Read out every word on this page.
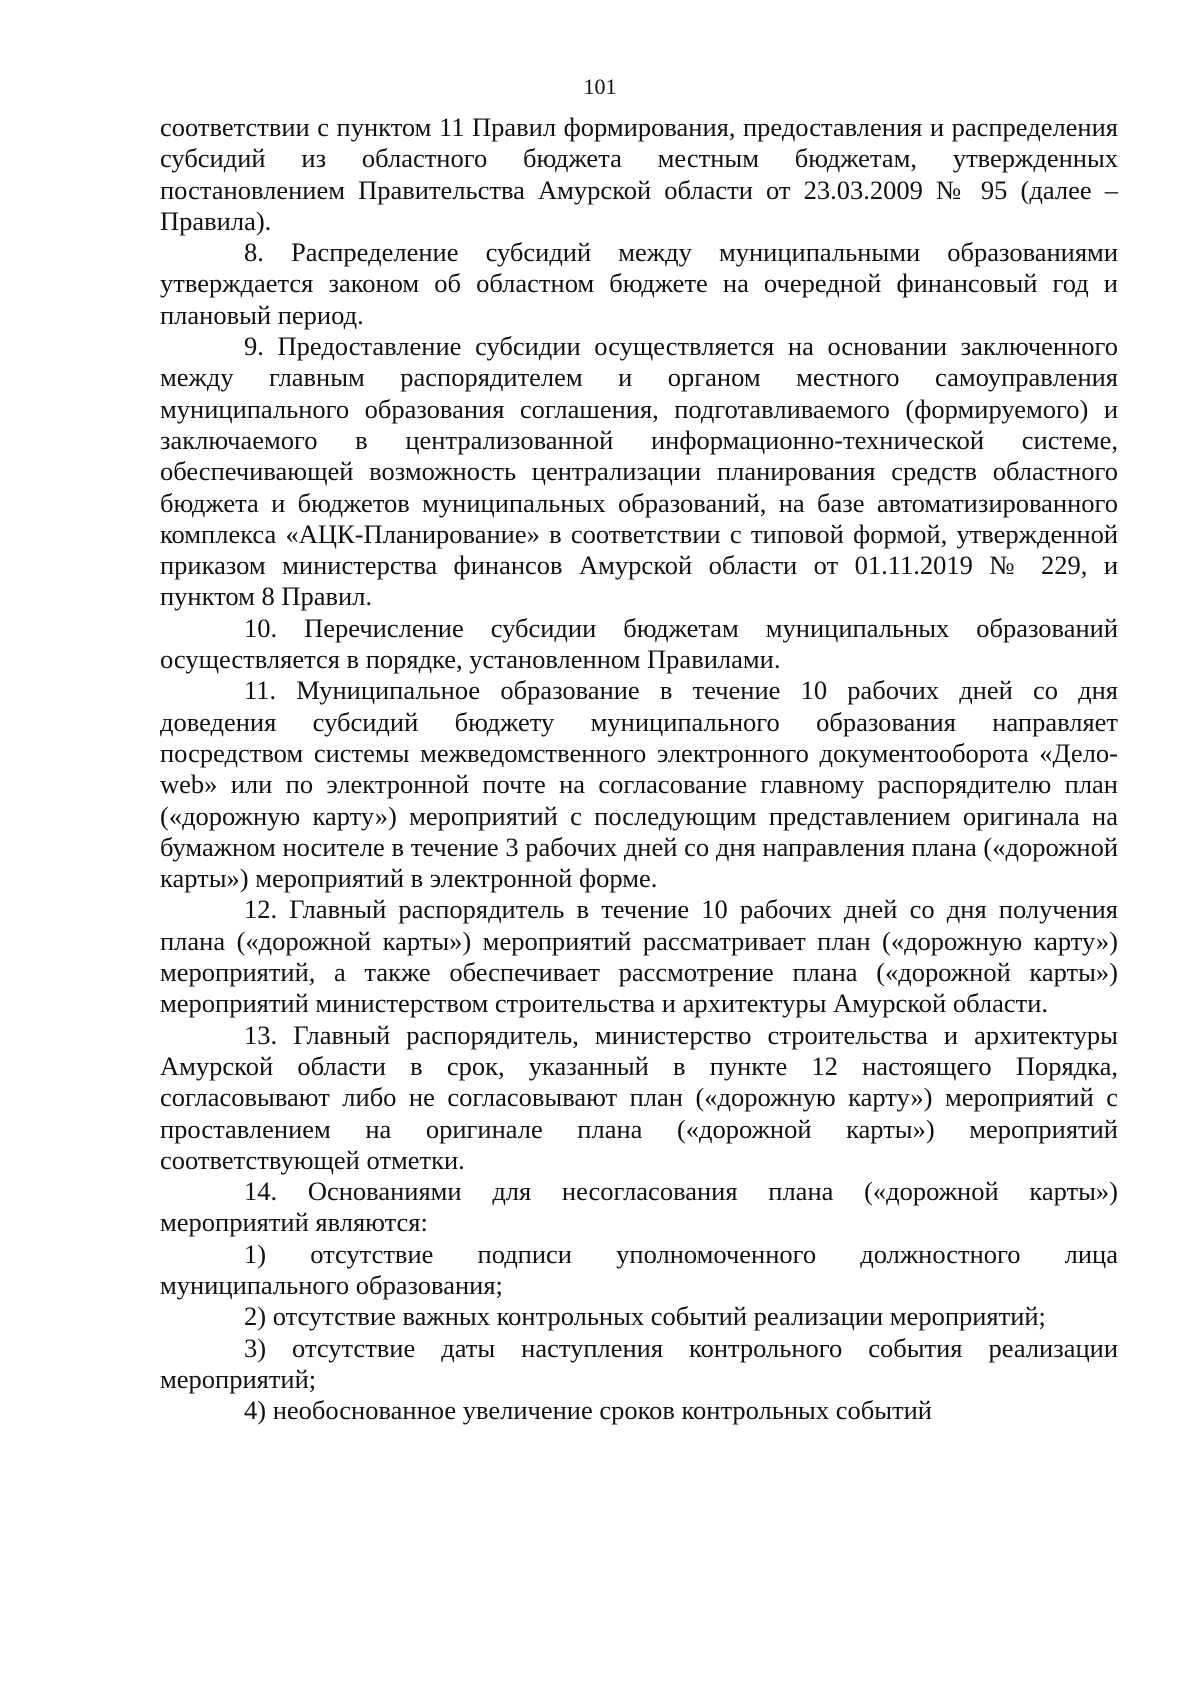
101

соответствии с пунктом 11 Правил формирования, предоставления и распределения субсидий из областного бюджета местным бюджетам, утвержденных постановлением Правительства Амурской области от 23.03.2009 № 95 (далее – Правила).

8. Распределение субсидий между муниципальными образованиями утверждается законом об областном бюджете на очередной финансовый год и плановый период.

9. Предоставление субсидии осуществляется на основании заключенного между главным распорядителем и органом местного самоуправления муниципального образования соглашения, подготавливаемого (формируемого) и заключаемого в централизованной информационно-технической системе, обеспечивающей возможность централизации планирования средств областного бюджета и бюджетов муниципальных образований, на базе автоматизированного комплекса «АЦК-Планирование» в соответствии с типовой формой, утвержденной приказом министерства финансов Амурской области от 01.11.2019 № 229, и пунктом 8 Правил.

10. Перечисление субсидии бюджетам муниципальных образований осуществляется в порядке, установленном Правилами.

11. Муниципальное образование в течение 10 рабочих дней со дня доведения субсидий бюджету муниципального образования направляет посредством системы межведомственного электронного документооборота «Дело-web» или по электронной почте на согласование главному распорядителю план («дорожную карту») мероприятий с последующим представлением оригинала на бумажном носителе в течение 3 рабочих дней со дня направления плана («дорожной карты») мероприятий в электронной форме.

12. Главный распорядитель в течение 10 рабочих дней со дня получения плана («дорожной карты») мероприятий рассматривает план («дорожную карту») мероприятий, а также обеспечивает рассмотрение плана («дорожной карты») мероприятий министерством строительства и архитектуры Амурской области.

13. Главный распорядитель, министерство строительства и архитектуры Амурской области в срок, указанный в пункте 12 настоящего Порядка, согласовывают либо не согласовывают план («дорожную карту») мероприятий с проставлением на оригинале плана («дорожной карты») мероприятий соответствующей отметки.

14. Основаниями для несогласования плана («дорожной карты») мероприятий являются:

1) отсутствие подписи уполномоченного должностного лица муниципального образования;

2) отсутствие важных контрольных событий реализации мероприятий;

3) отсутствие даты наступления контрольного события реализации мероприятий;

4) необоснованное увеличение сроков контрольных событий
